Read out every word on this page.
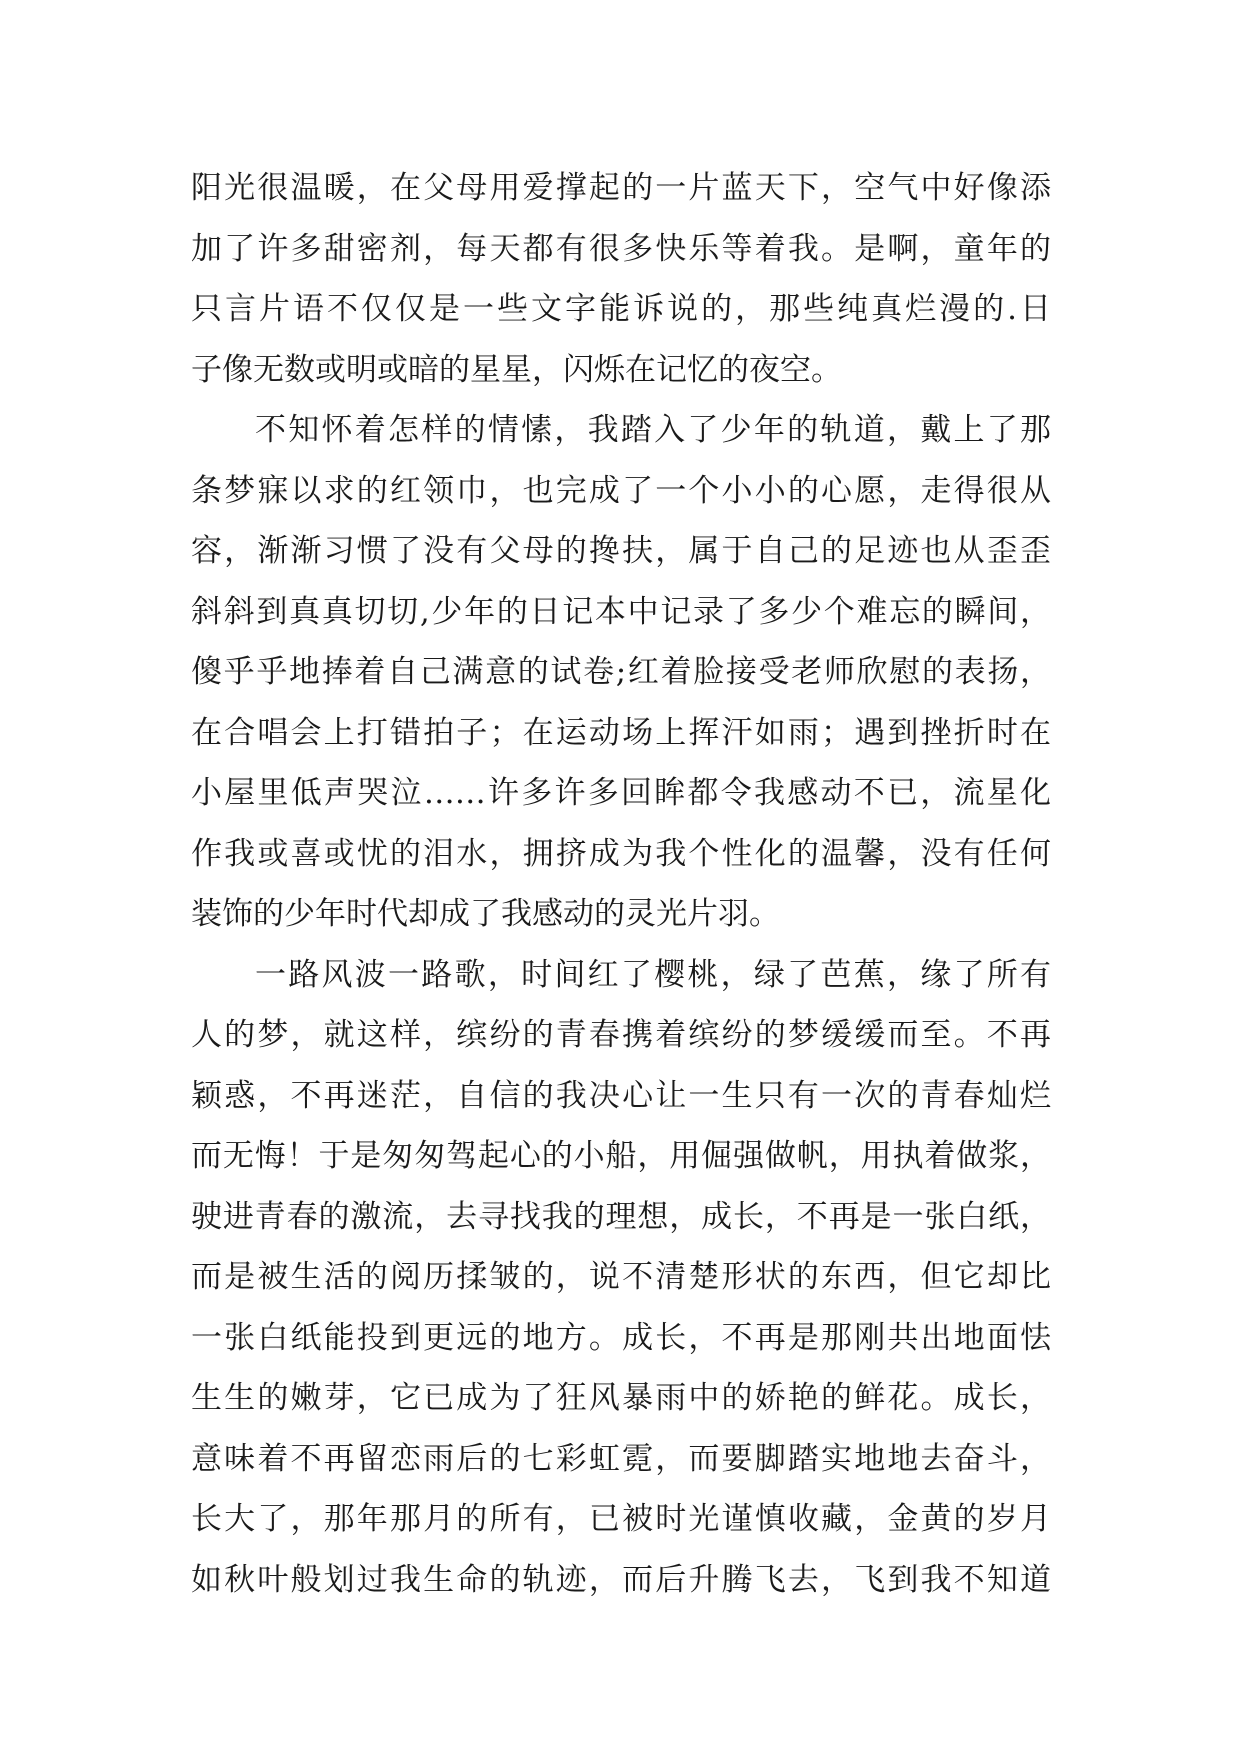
阳光很温暖，在父母用爱撑起的一片蓝天下，空气中好像添
加了许多甜密剂，每天都有很多快乐等着我。是啊，童年的
只言片语不仅仅是一些文字能诉说的，那些纯真烂漫的.日
子像无数或明或暗的星星，闪烁在记忆的夜空。
不知怀着怎样的情愫，我踏入了少年的轨道，戴上了那
条梦寐以求的红领巾，也完成了一个小小的心愿，走得很从
容，渐渐习惯了没有父母的搀扶，属于自己的足迹也从歪歪
斜斜到真真切切,少年的日记本中记录了多少个难忘的瞬间，
傻乎乎地捧着自己满意的试卷;红着脸接受老师欣慰的表扬，
在合唱会上打错拍子；在运动场上挥汗如雨；遇到挫折时在
小屋里低声哭泣……许多许多回眸都令我感动不已，流星化
作我或喜或忧的泪水，拥挤成为我个性化的温馨，没有任何
装饰的少年时代却成了我感动的灵光片羽。
一路风波一路歌，时间红了樱桃，绿了芭蕉，缘了所有
人的梦，就这样，缤纷的青春携着缤纷的梦缓缓而至。不再
颖惑，不再迷茫，自信的我决心让一生只有一次的青春灿烂
而无悔！于是匆匆驾起心的小船，用倔强做帆，用执着做浆，
驶进青春的激流，去寻找我的理想，成长，不再是一张白纸，
而是被生活的阅历揉皱的，说不清楚形状的东西，但它却比
一张白纸能投到更远的地方。成长，不再是那刚共出地面怯
生生的嫩芽，它已成为了狂风暴雨中的娇艳的鲜花。成长，
意味着不再留恋雨后的七彩虹霓，而要脚踏实地地去奋斗，
长大了，那年那月的所有，已被时光谨慎收藏，金黄的岁月
如秋叶般划过我生命的轨迹，而后升腾飞去，飞到我不知道
